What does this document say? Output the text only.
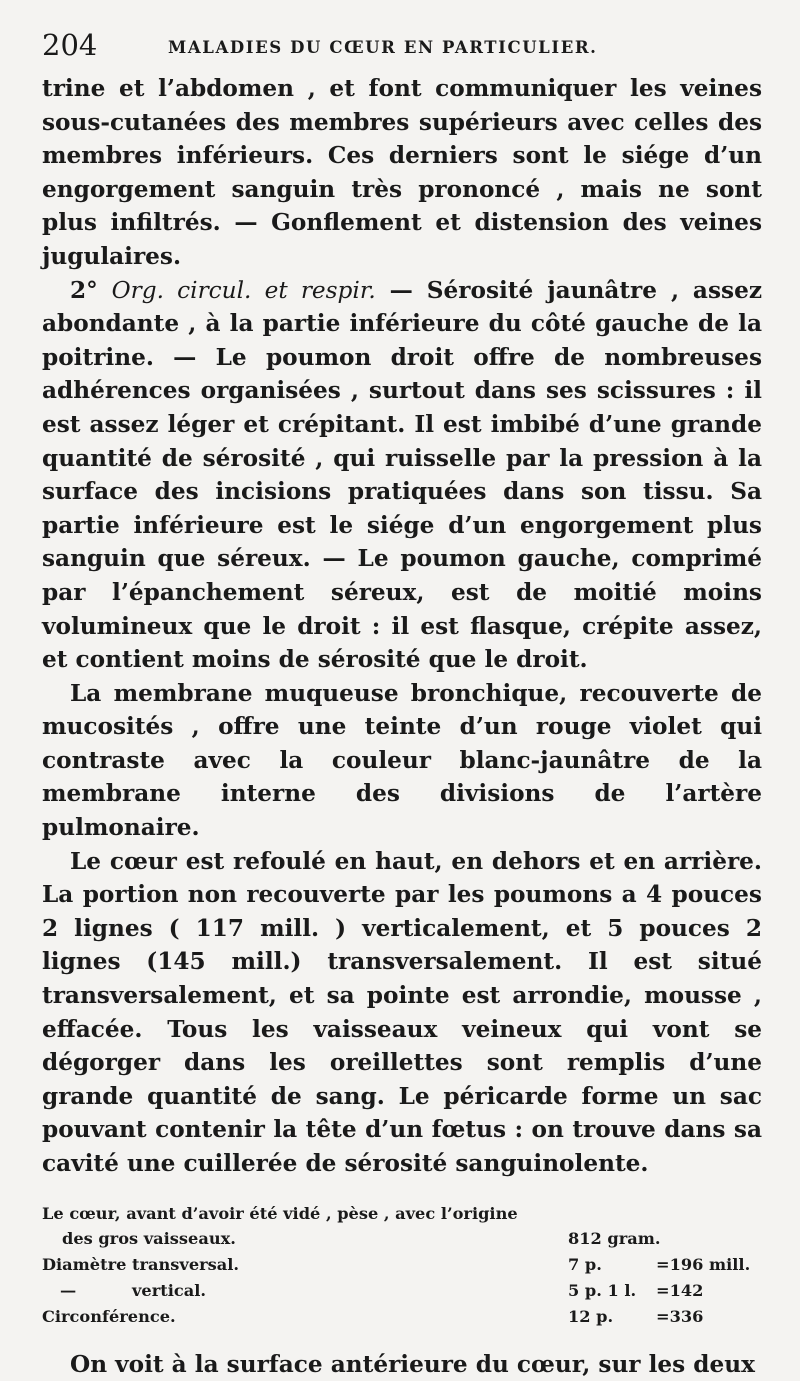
204	MALADIES DU CŒUR EN PARTICULIER.

trine et l’abdomen , et font communiquer les veines sous-cutanées des membres supérieurs avec celles des membres inférieurs. Ces derniers sont le siége d’un engorgement sanguin très prononcé , mais ne sont plus infiltrés. — Gonflement et distension des veines jugulaires.

2° Org. circul. et respir. — Sérosité jaunâtre , assez abondante , à la partie inférieure du côté gauche de la poitrine. — Le poumon droit offre de nombreuses adhérences organisées , surtout dans ses scissures : il est assez léger et crépitant. Il est imbibé d’une grande quantité de sérosité , qui ruisselle par la pression à la surface des incisions pratiquées dans son tissu. Sa partie inférieure est le siége d’un engorgement plus sanguin que séreux. — Le poumon gauche, comprimé par l’épanchement séreux, est de moitié moins volumineux que le droit : il est flasque, crépite assez, et contient moins de sérosité que le droit.

La membrane muqueuse bronchique, recouverte de mucosités , offre une teinte d’un rouge violet qui contraste avec la couleur blanc-jaunâtre de la membrane interne des divisions de l’artère pulmonaire.

Le cœur est refoulé en haut, en dehors et en arrière. La portion non recouverte par les poumons a 4 pouces 2 lignes ( 117 mill. ) verticalement, et 5 pouces 2 lignes (145 mill.) transversalement. Il est situé transversalement, et sa pointe est arrondie, mousse , effacée. Tous les vaisseaux veineux qui vont se dégorger dans les oreillettes sont remplis d’une grande quantité de sang. Le péricarde forme un sac pouvant contenir la tête d’un fœtus : on trouve dans sa cavité une cuillerée de sérosité sanguinolente.

Le cœur, avant d’avoir été vidé , pèse , avec l’origine
des gros vaisseaux.	812 gram.
Diamètre transversal.	7 p.	=196 mill.
—	vertical.	5 p. 1 l. =142
Circonférence.	12 p.	=336

On voit à la surface antérieure du cœur, sur les deux
